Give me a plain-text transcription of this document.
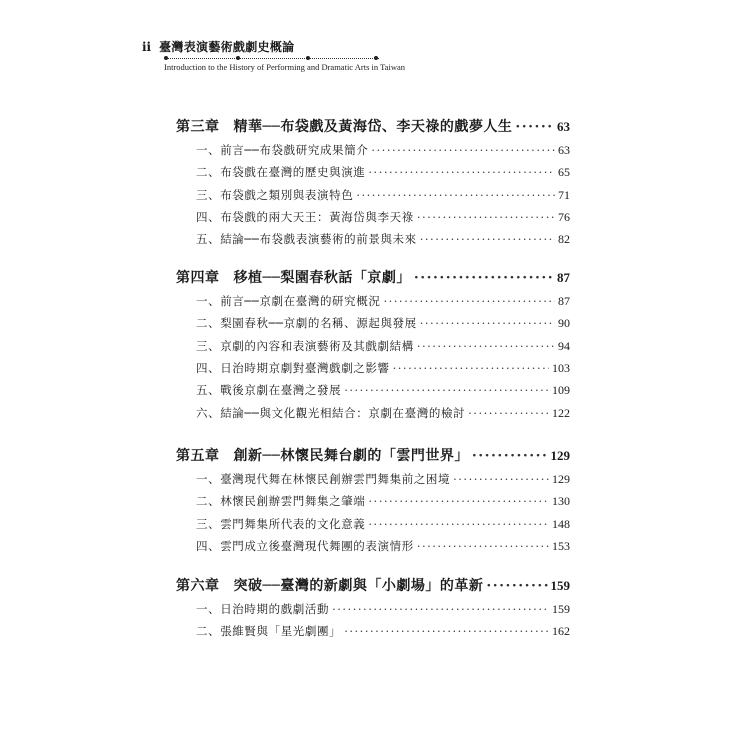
ii 臺灣表演藝術戲劇史概論
Introduction to the History of Performing and Dramatic Arts in Taiwan
第三章 精華──布袋戲及黃海岱、李天祿的戲夢人生 ·····	63
一、前言──布袋戲研究成果簡介 ·····	63
二、布袋戲在臺灣的歷史與演進 ·····	65
三、布袋戲之類別與表演特色 ·····	71
四、布袋戲的兩大天王：黃海岱與李天祿 ·····	76
五、結論──布袋戲表演藝術的前景與未來 ·····	82
第四章 移植──梨園春秋話「京劇」 ·····	87
一、前言──京劇在臺灣的研究概況 ·····	87
二、梨園春秋──京劇的名稱、源起與發展 ·····	90
三、京劇的內容和表演藝術及其戲劇結構 ·····	94
四、日治時期京劇對臺灣戲劇之影響 ·····	103
五、戰後京劇在臺灣之發展 ·····	109
六、結論──與文化觀光相結合：京劇在臺灣的檢討 ·····	122
第五章 創新──林懷民舞台劇的「雲門世界」 ·····	129
一、臺灣現代舞在林懷民創辦雲門舞集前之困境 ·····	129
二、林懷民創辦雲門舞集之肇端 ·····	130
三、雲門舞集所代表的文化意義 ·····	148
四、雲門成立後臺灣現代舞團的表演情形 ·····	153
第六章 突破──臺灣的新劇與「小劇場」的革新 ·····	159
一、日治時期的戲劇活動 ·····	159
二、張維賢與「星光劇團」 ·····	162
